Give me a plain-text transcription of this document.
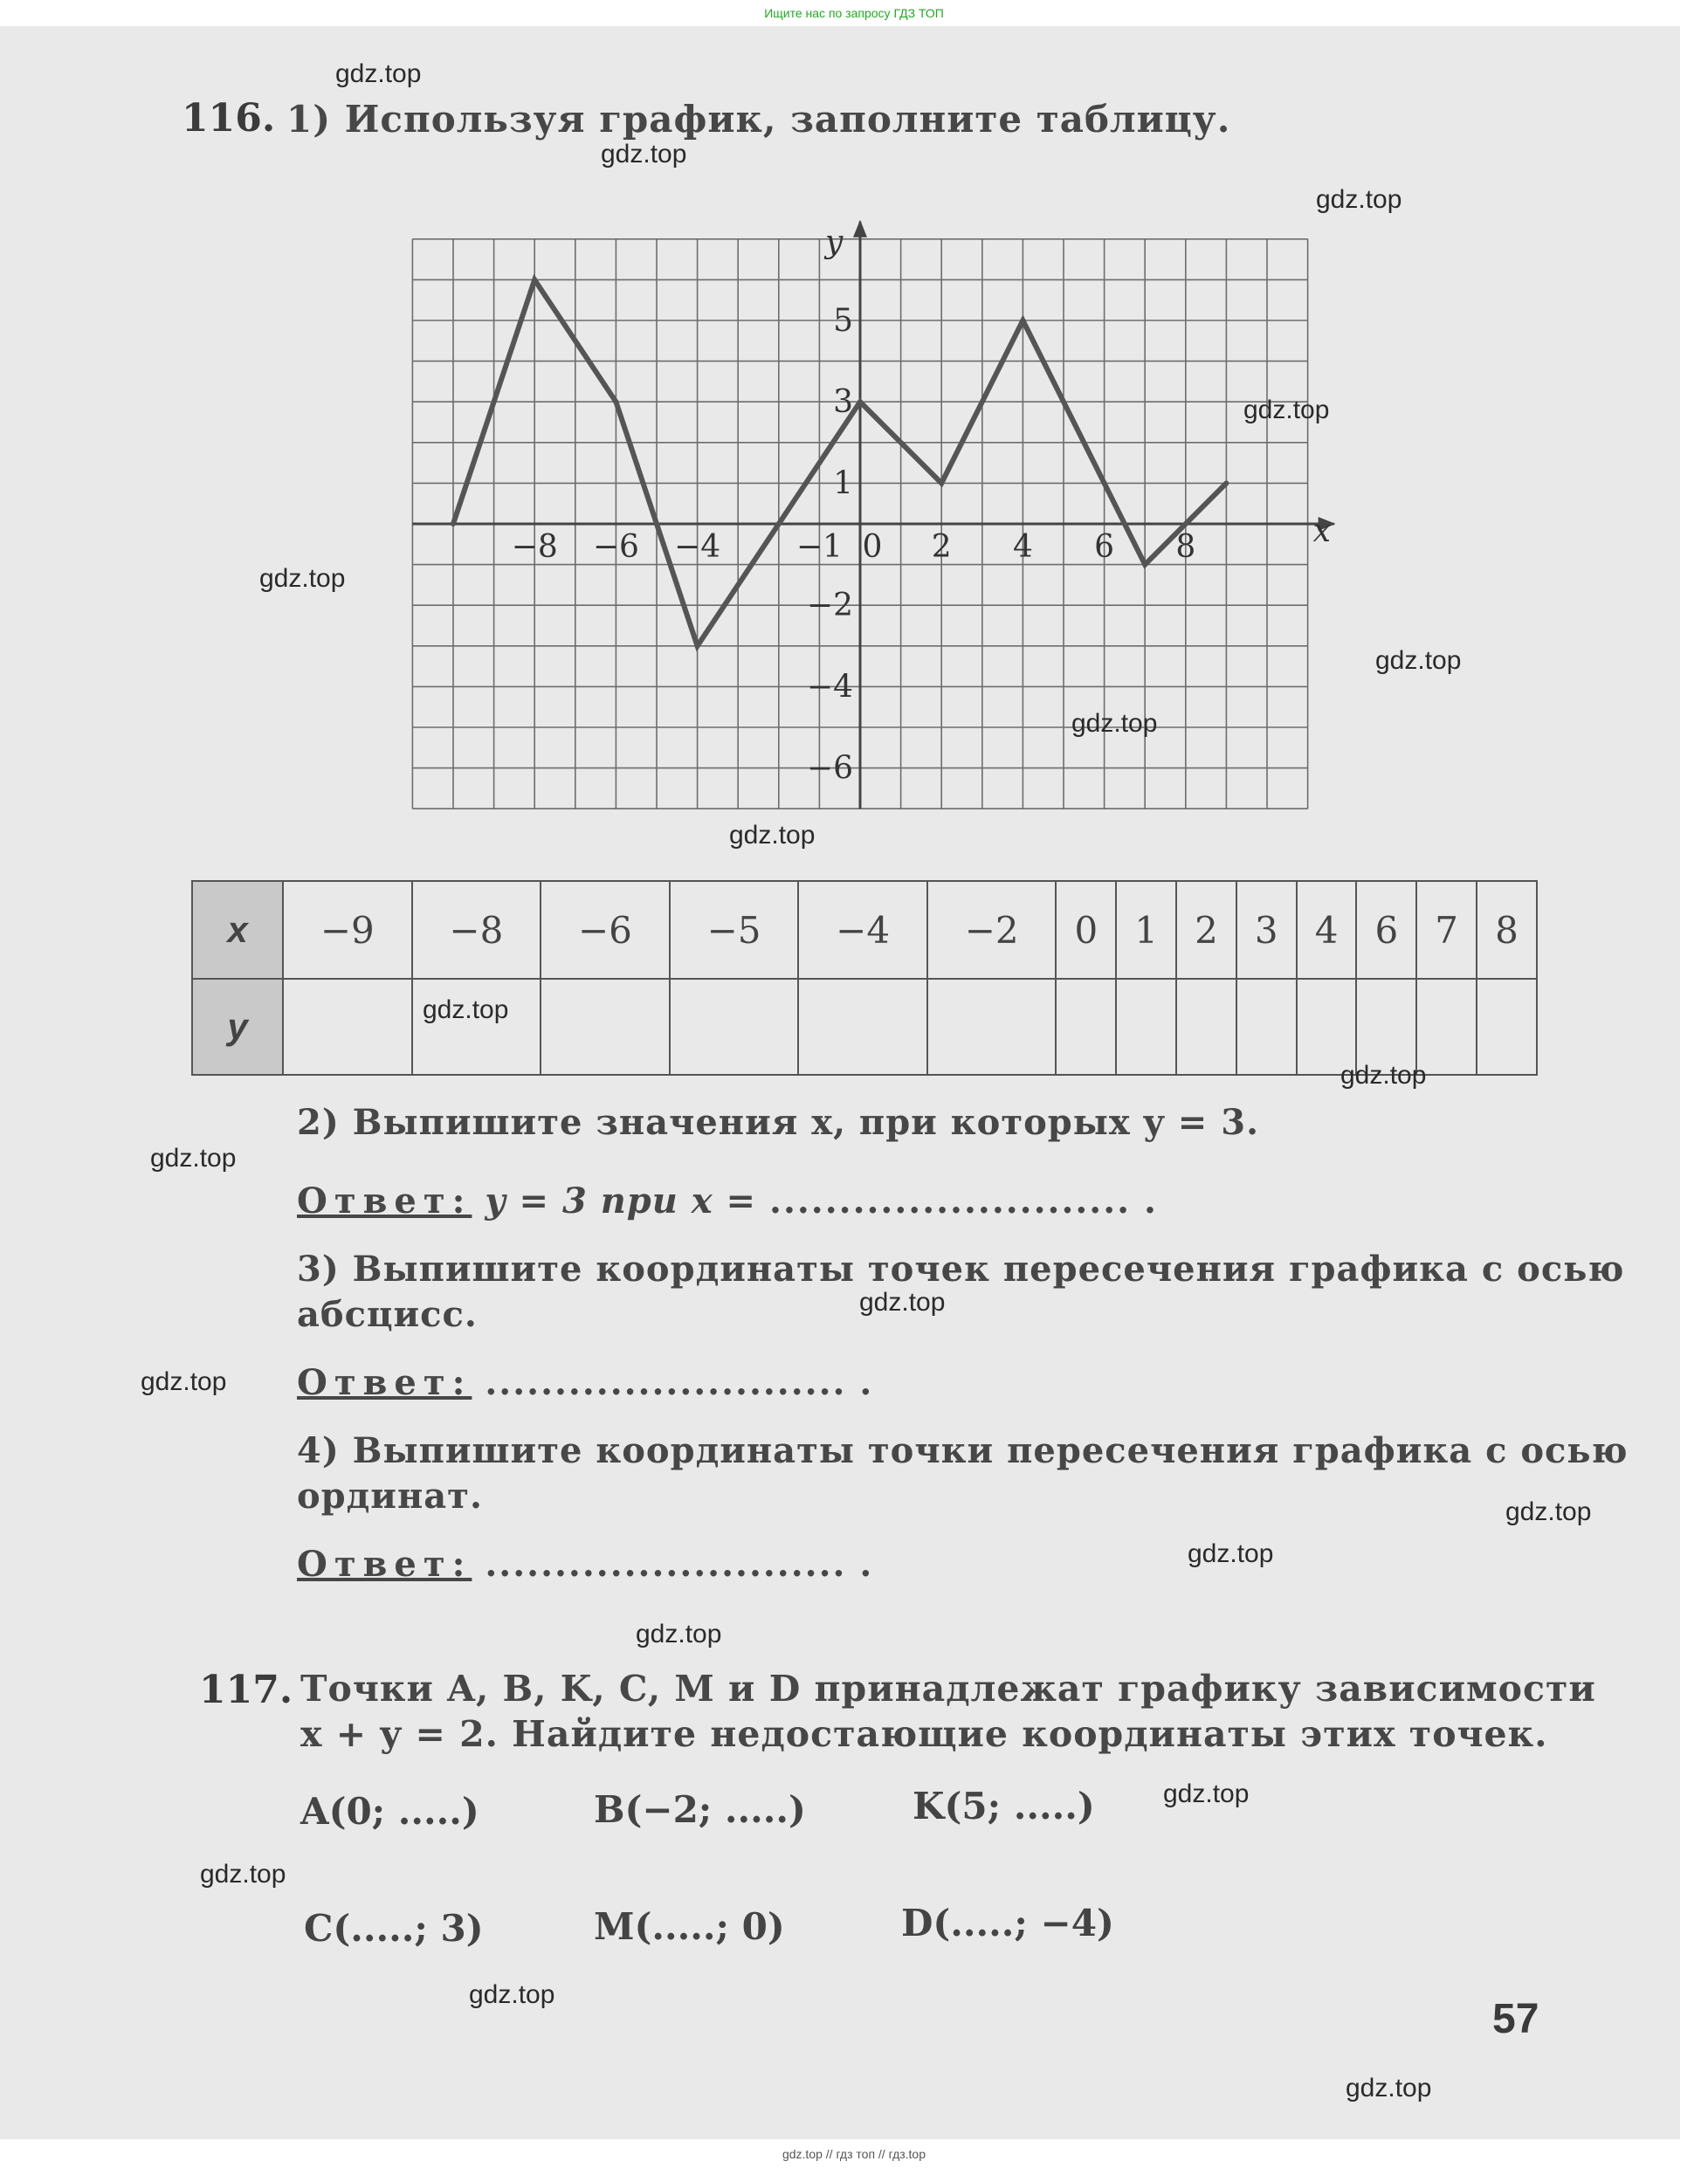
Ищите нас по запросу ГДЗ ТОП
116. 1) Используя график, заполните таблицу.
x
y
−8 −6 −4 −1 0 2 4 6 8
5
3
1
−2
−4
−6
x	−9	−8	−6	−5	−4	−2	0	1	2	3	4	6	7	8
y														
2) Выпишите значения x, при которых y = 3.
Ответ: y = 3 при x = .......................... .
3) Выпишите координаты точек пересечения графика с осью
абсцисс.
Ответ: .......................... .
4) Выпишите координаты точки пересечения графика с осью
ординат.
Ответ: .......................... .
117. Точки A, B, K, C, M и D принадлежат графику зависимости
x + y = 2. Найдите недостающие координаты этих точек.
A(0; .....)	B(−2; .....)	K(5; .....)
C(.....; 3)	M(.....; 0)	D(.....; −4)
57
gdz.top
gdz.top
gdz.top
gdz.top
gdz.top
gdz.top
gdz.top
gdz.top
gdz.top
gdz.top
gdz.top
gdz.top
gdz.top
gdz.top
gdz.top
gdz.top
gdz.top
gdz.top
gdz.top
gdz.top
gdz.top // гдз топ // гдз.top
